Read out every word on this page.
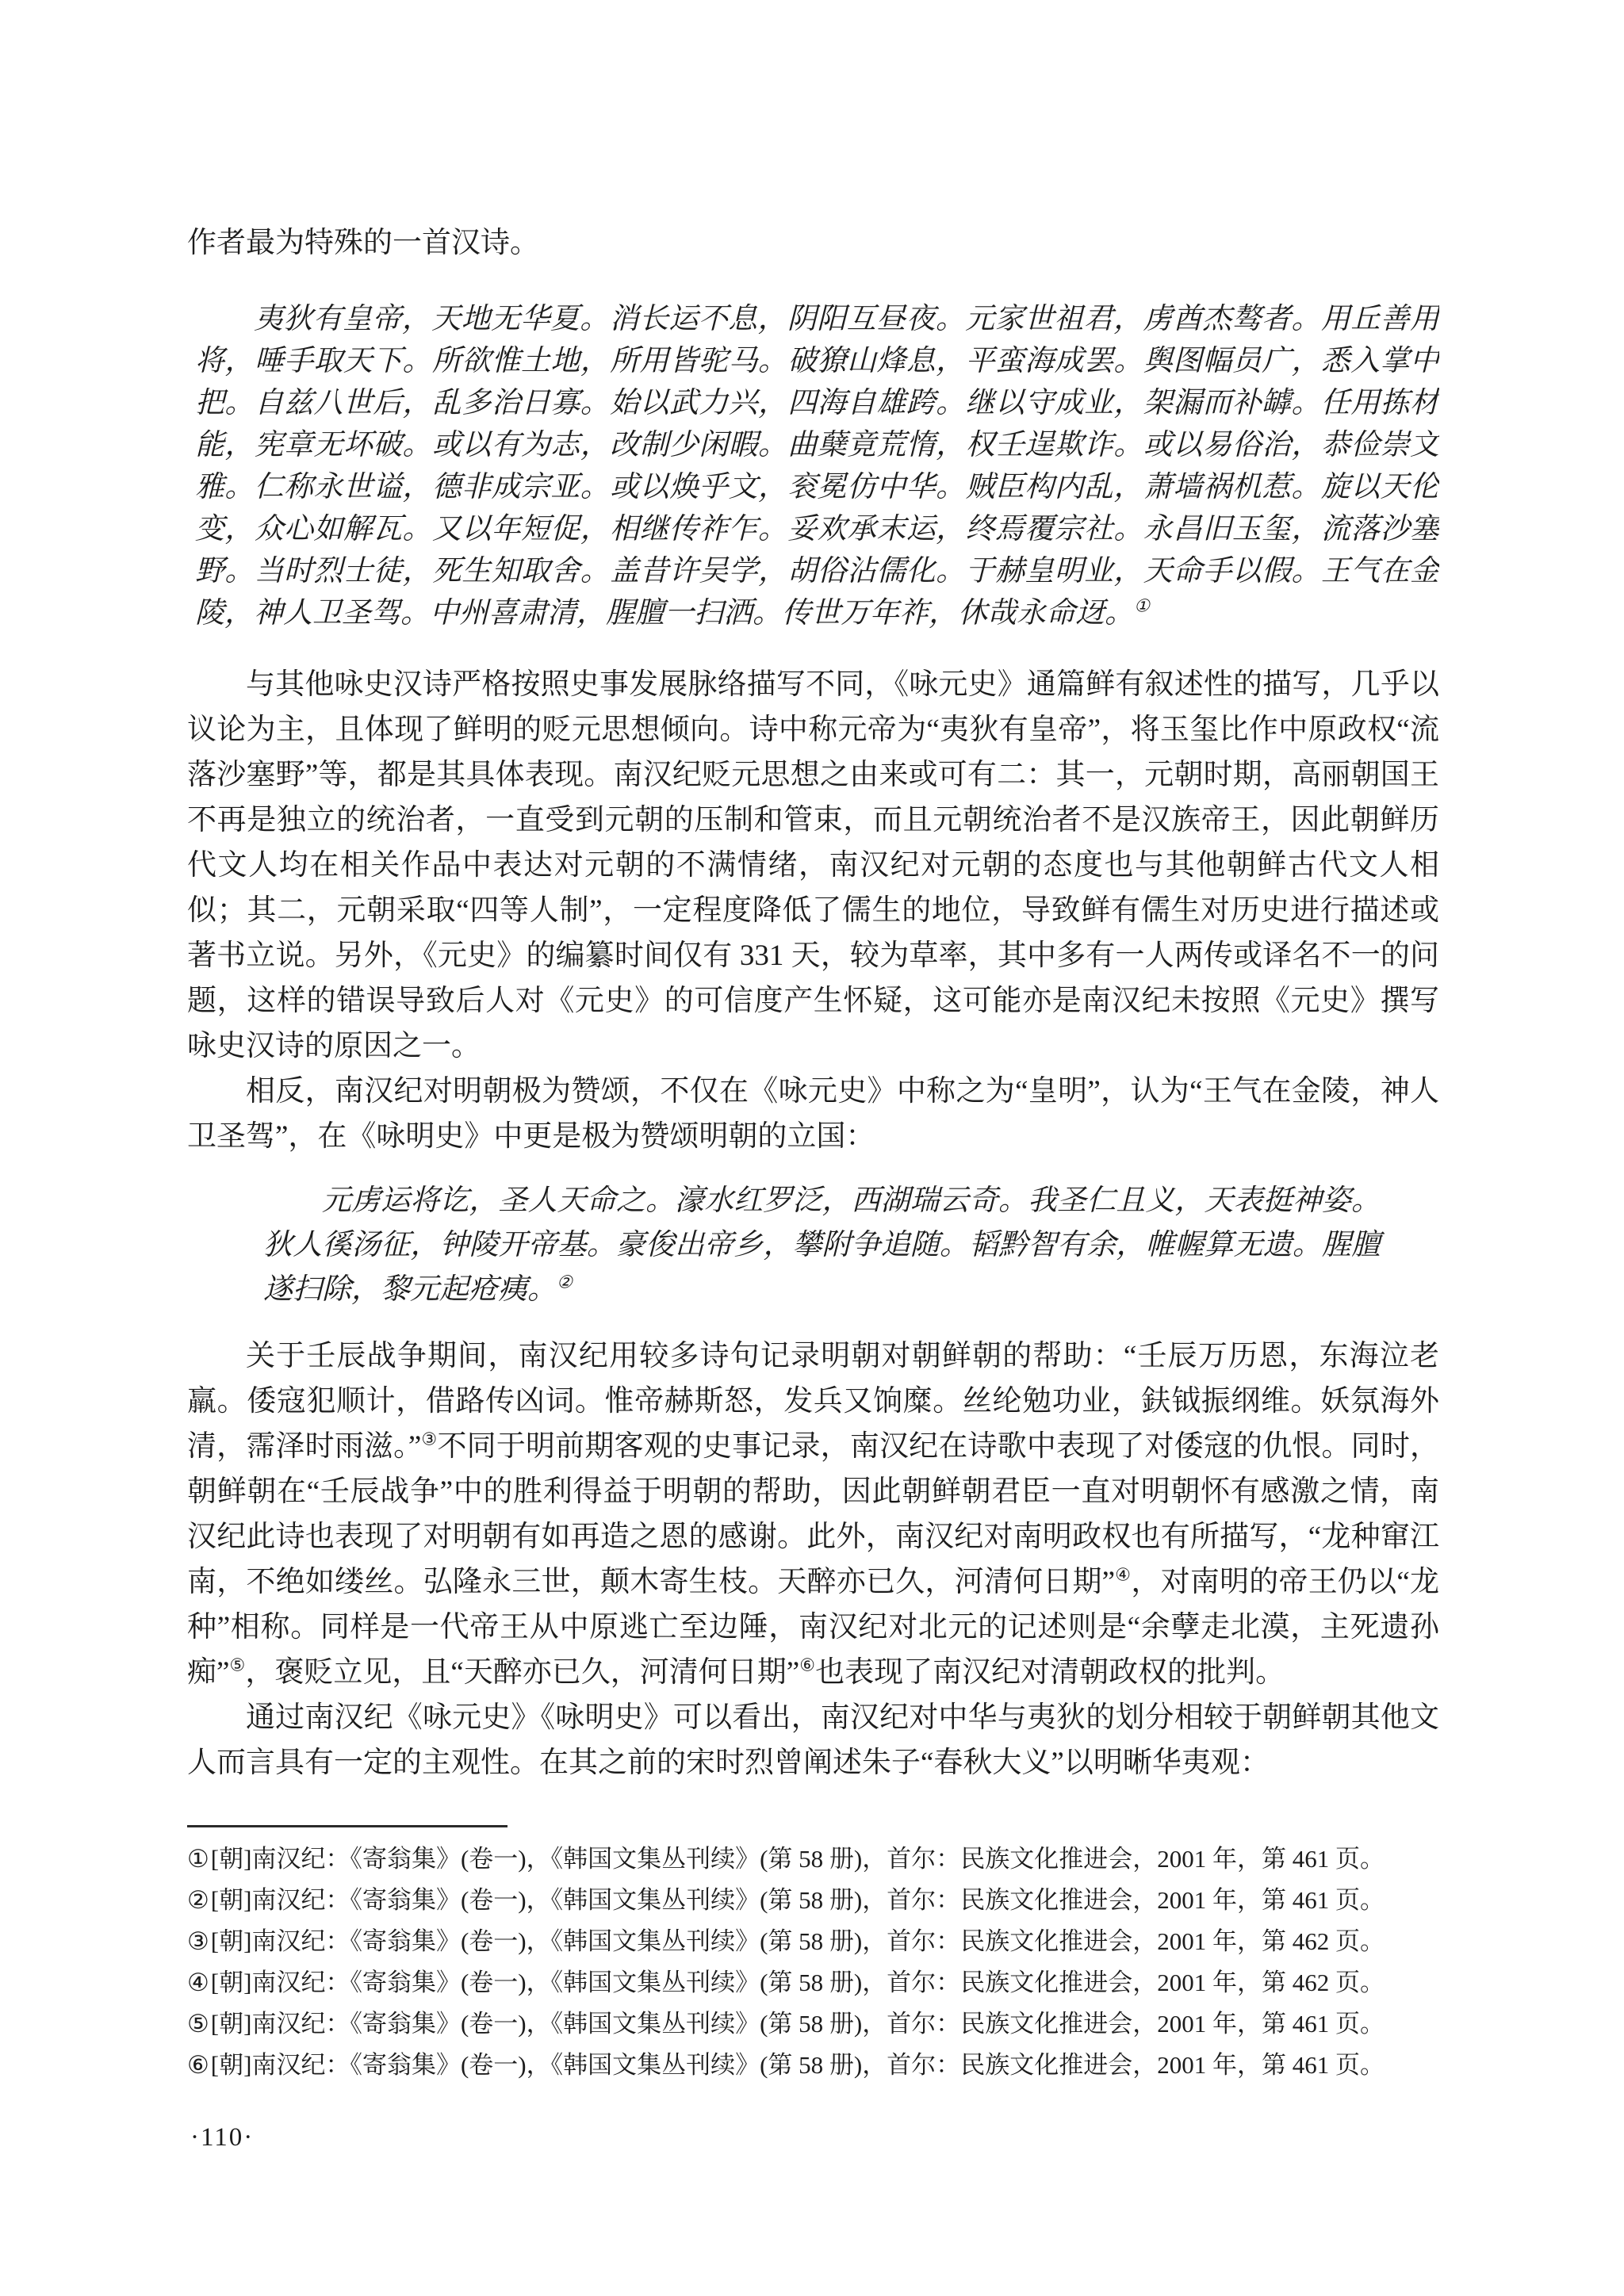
作者最为特殊的一首汉诗。

夷狄有皇帝，天地无华夏。消长运不息，阴阳互昼夜。元家世祖君，虏酋杰骜者。用丘善用将，唾手取天下。所欲惟土地，所用皆驼马。破獠山烽息，平蛮海成罢。舆图幅员广，悉入掌中把。自兹八世后，乱多治日寡。始以武力兴，四海自雄跨。继以守成业，架漏而补罅。任用拣材能，宪章无坏破。或以有为志，改制少闲暇。曲蘖竟荒惰，权壬逞欺诈。或以易俗治，恭俭崇文雅。仁称永世谥，德非成宗亚。或以焕乎文，衮冕仿中华。贼臣构内乱，萧墙祸机惹。旋以天伦变，众心如解瓦。又以年短促，相继传祚乍。妥欢承末运，终焉覆宗社。永昌旧玉玺，流落沙塞野。当时烈士徒，死生知取舍。盖昔许吴学，胡俗沾儒化。于赫皇明业，天命手以假。王气在金陵，神人卫圣驾。中州喜肃清，腥膻一扫洒。传世万年祚，休哉永命迓。①

与其他咏史汉诗严格按照史事发展脉络描写不同，《咏元史》通篇鲜有叙述性的描写，几乎以议论为主，且体现了鲜明的贬元思想倾向。诗中称元帝为“夷狄有皇帝”，将玉玺比作中原政权“流落沙塞野”等，都是其具体表现。南汉纪贬元思想之由来或可有二：其一，元朝时期，高丽朝国王不再是独立的统治者，一直受到元朝的压制和管束，而且元朝统治者不是汉族帝王，因此朝鲜历代文人均在相关作品中表达对元朝的不满情绪，南汉纪对元朝的态度也与其他朝鲜古代文人相似；其二，元朝采取“四等人制”，一定程度降低了儒生的地位，导致鲜有儒生对历史进行描述或著书立说。另外，《元史》的编纂时间仅有 331 天，较为草率，其中多有一人两传或译名不一的问题，这样的错误导致后人对《元史》的可信度产生怀疑，这可能亦是南汉纪未按照《元史》撰写咏史汉诗的原因之一。

相反，南汉纪对明朝极为赞颂，不仅在《咏元史》中称之为“皇明”，认为“王气在金陵，神人卫圣驾”，在《咏明史》中更是极为赞颂明朝的立国：

元虏运将讫，圣人天命之。濠水红罗泛，西湖瑞云奇。我圣仁且义，天表挺神姿。狄人徯汤征，钟陵开帝基。豪俊出帝乡，攀附争追随。韬黔智有余，帷幄算无遗。腥膻遂扫除，黎元起疮痍。②

关于壬辰战争期间，南汉纪用较多诗句记录明朝对朝鲜朝的帮助：“壬辰万历恩，东海泣老羸。倭寇犯顺计，借路传凶词。惟帝赫斯怒，发兵又饷糜。丝纶勉功业，鈇钺振纲维。妖氛海外清，霈泽时雨滋。”③不同于明前期客观的史事记录，南汉纪在诗歌中表现了对倭寇的仇恨。同时，朝鲜朝在“壬辰战争”中的胜利得益于明朝的帮助，因此朝鲜朝君臣一直对明朝怀有感激之情，南汉纪此诗也表现了对明朝有如再造之恩的感谢。此外，南汉纪对南明政权也有所描写，“龙种窜江南，不绝如缕丝。弘隆永三世，颠木寄生枝。天醉亦已久，河清何日期”④，对南明的帝王仍以“龙种”相称。同样是一代帝王从中原逃亡至边陲，南汉纪对北元的记述则是“余孽走北漠，主死遗孙痴”⑤，褒贬立见，且“天醉亦已久，河清何日期”⑥也表现了南汉纪对清朝政权的批判。

通过南汉纪《咏元史》《咏明史》可以看出，南汉纪对中华与夷狄的划分相较于朝鲜朝其他文人而言具有一定的主观性。在其之前的宋时烈曾阐述朱子“春秋大义”以明晰华夷观：

①[朝]南汉纪：《寄翁集》(卷一)，《韩国文集丛刊续》(第 58 册)，首尔：民族文化推进会，2001 年，第 461 页。

②[朝]南汉纪：《寄翁集》(卷一)，《韩国文集丛刊续》(第 58 册)，首尔：民族文化推进会，2001 年，第 461 页。

③[朝]南汉纪：《寄翁集》(卷一)，《韩国文集丛刊续》(第 58 册)，首尔：民族文化推进会，2001 年，第 462 页。

④[朝]南汉纪：《寄翁集》(卷一)，《韩国文集丛刊续》(第 58 册)，首尔：民族文化推进会，2001 年，第 462 页。

⑤[朝]南汉纪：《寄翁集》(卷一)，《韩国文集丛刊续》(第 58 册)，首尔：民族文化推进会，2001 年，第 461 页。

⑥[朝]南汉纪：《寄翁集》(卷一)，《韩国文集丛刊续》(第 58 册)，首尔：民族文化推进会，2001 年，第 461 页。

·110·
